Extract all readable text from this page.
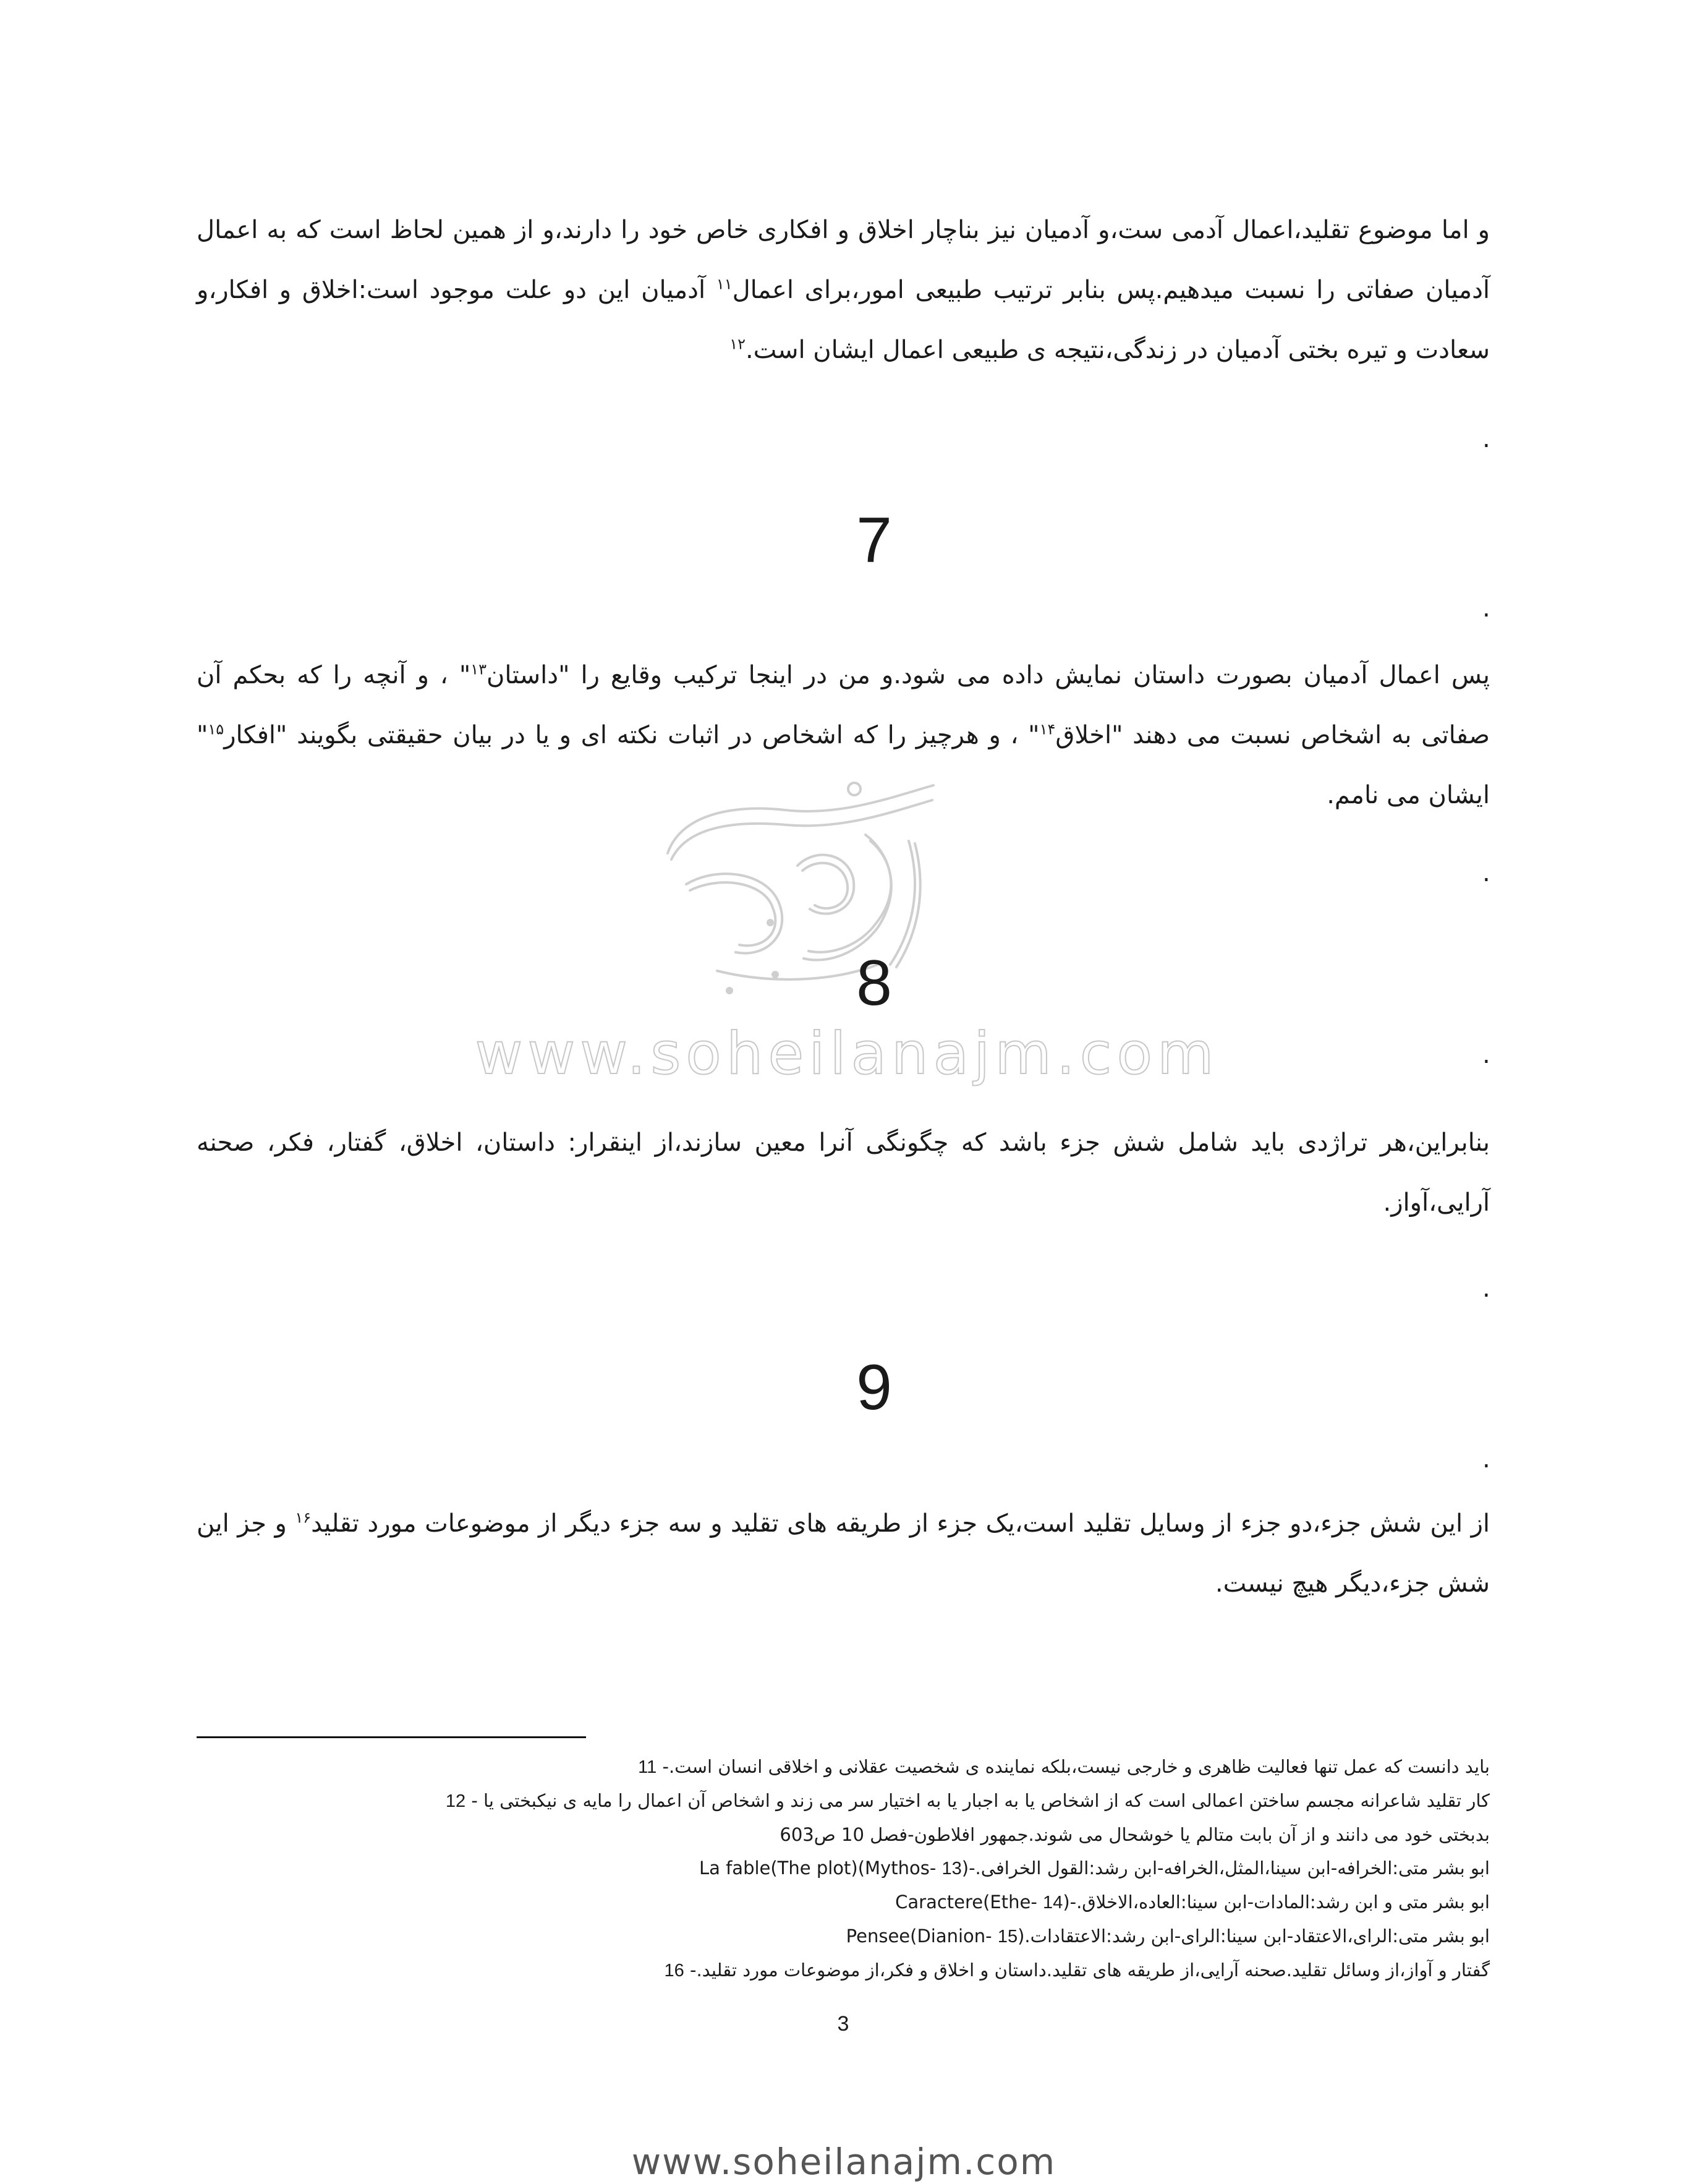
و اما موضوع تقلید،اعمال آدمی ست،و آدمیان نیز بناچار اخلاق و افکاری خاص خود را دارند،و از همین لحاظ است که به اعمال آدمیان صفاتی را نسبت میدهیم.پس بنابر ترتیب طبیعی امور،برای اعمال$^{۱۱}$ آدمیان این دو علت موجود است:اخلاق و افکار،و سعادت و تیره بختی آدمیان در زندگی،نتیجه ی طبیعی اعمال ایشان است.$^{۱۲}$

.
7
.

پس اعمال آدمیان بصورت داستان نمایش داده می شود.و من در اینجا ترکیب وقایع را "داستان$^{۱۳}$" ، و آنچه را که بحکم آن صفاتی به اشخاص نسبت می دهند "اخلاق$^{۱۴}$" ، و هرچیز را که اشخاص در اثبات نکته ای و یا در بیان حقیقتی بگویند "افکار$^{۱۵}$" ایشان می نامم.

.
8
www.soheilanajm.com	.

بنابراین،هر تراژدی باید شامل شش جزء باشد که چگونگی آنرا معین سازند،از اینقرار: داستان، اخلاق، گفتار، فکر، صحنه آرایی،آواز.

.
9
.

از این شش جزء،دو جزء از وسایل تقلید است،یک جزء از طریقه های تقلید و سه جزء دیگر از موضوعات مورد تقلید$^{۱۶}$ و جز این شش جزء،دیگر هیچ نیست.

باید دانست که عمل تنها فعالیت ظاهری و خارجی نیست،بلکه نماینده ی شخصیت عقلانی و اخلاقی انسان است.- 11

کار تقلید شاعرانه مجسم ساختن اعمالی است که از اشخاص یا به اجبار یا به اختیار سر می زند و اشخاص آن اعمال را مایه ی نیکبختی یا - 12

بدبختی خود می دانند و از آن بابت متالم یا خوشحال می شوند.جمهور افلاطون-فصل 10 ص603

ابو بشر متی:الخرافه-ابن سینا،المثل،الخرافه-ابن رشد:القول الخرافی.-(La fable(The plot)(Mythos- 13

ابو بشر متی و ابن رشد:المادات-ابن سینا:العاده،الاخلاق.-(Caractere(Ethe- 14

ابو بشر متی:الرای،الاعتقاد-ابن سینا:الرای-ابن رشد:الاعتقادات.(Pensee(Dianion- 15

گفتار و آواز،از وسائل تقلید.صحنه آرایی،از طریقه های تقلید.داستان و اخلاق و فکر،از موضوعات مورد تقلید.- 16

3
www.soheilanajm.com
